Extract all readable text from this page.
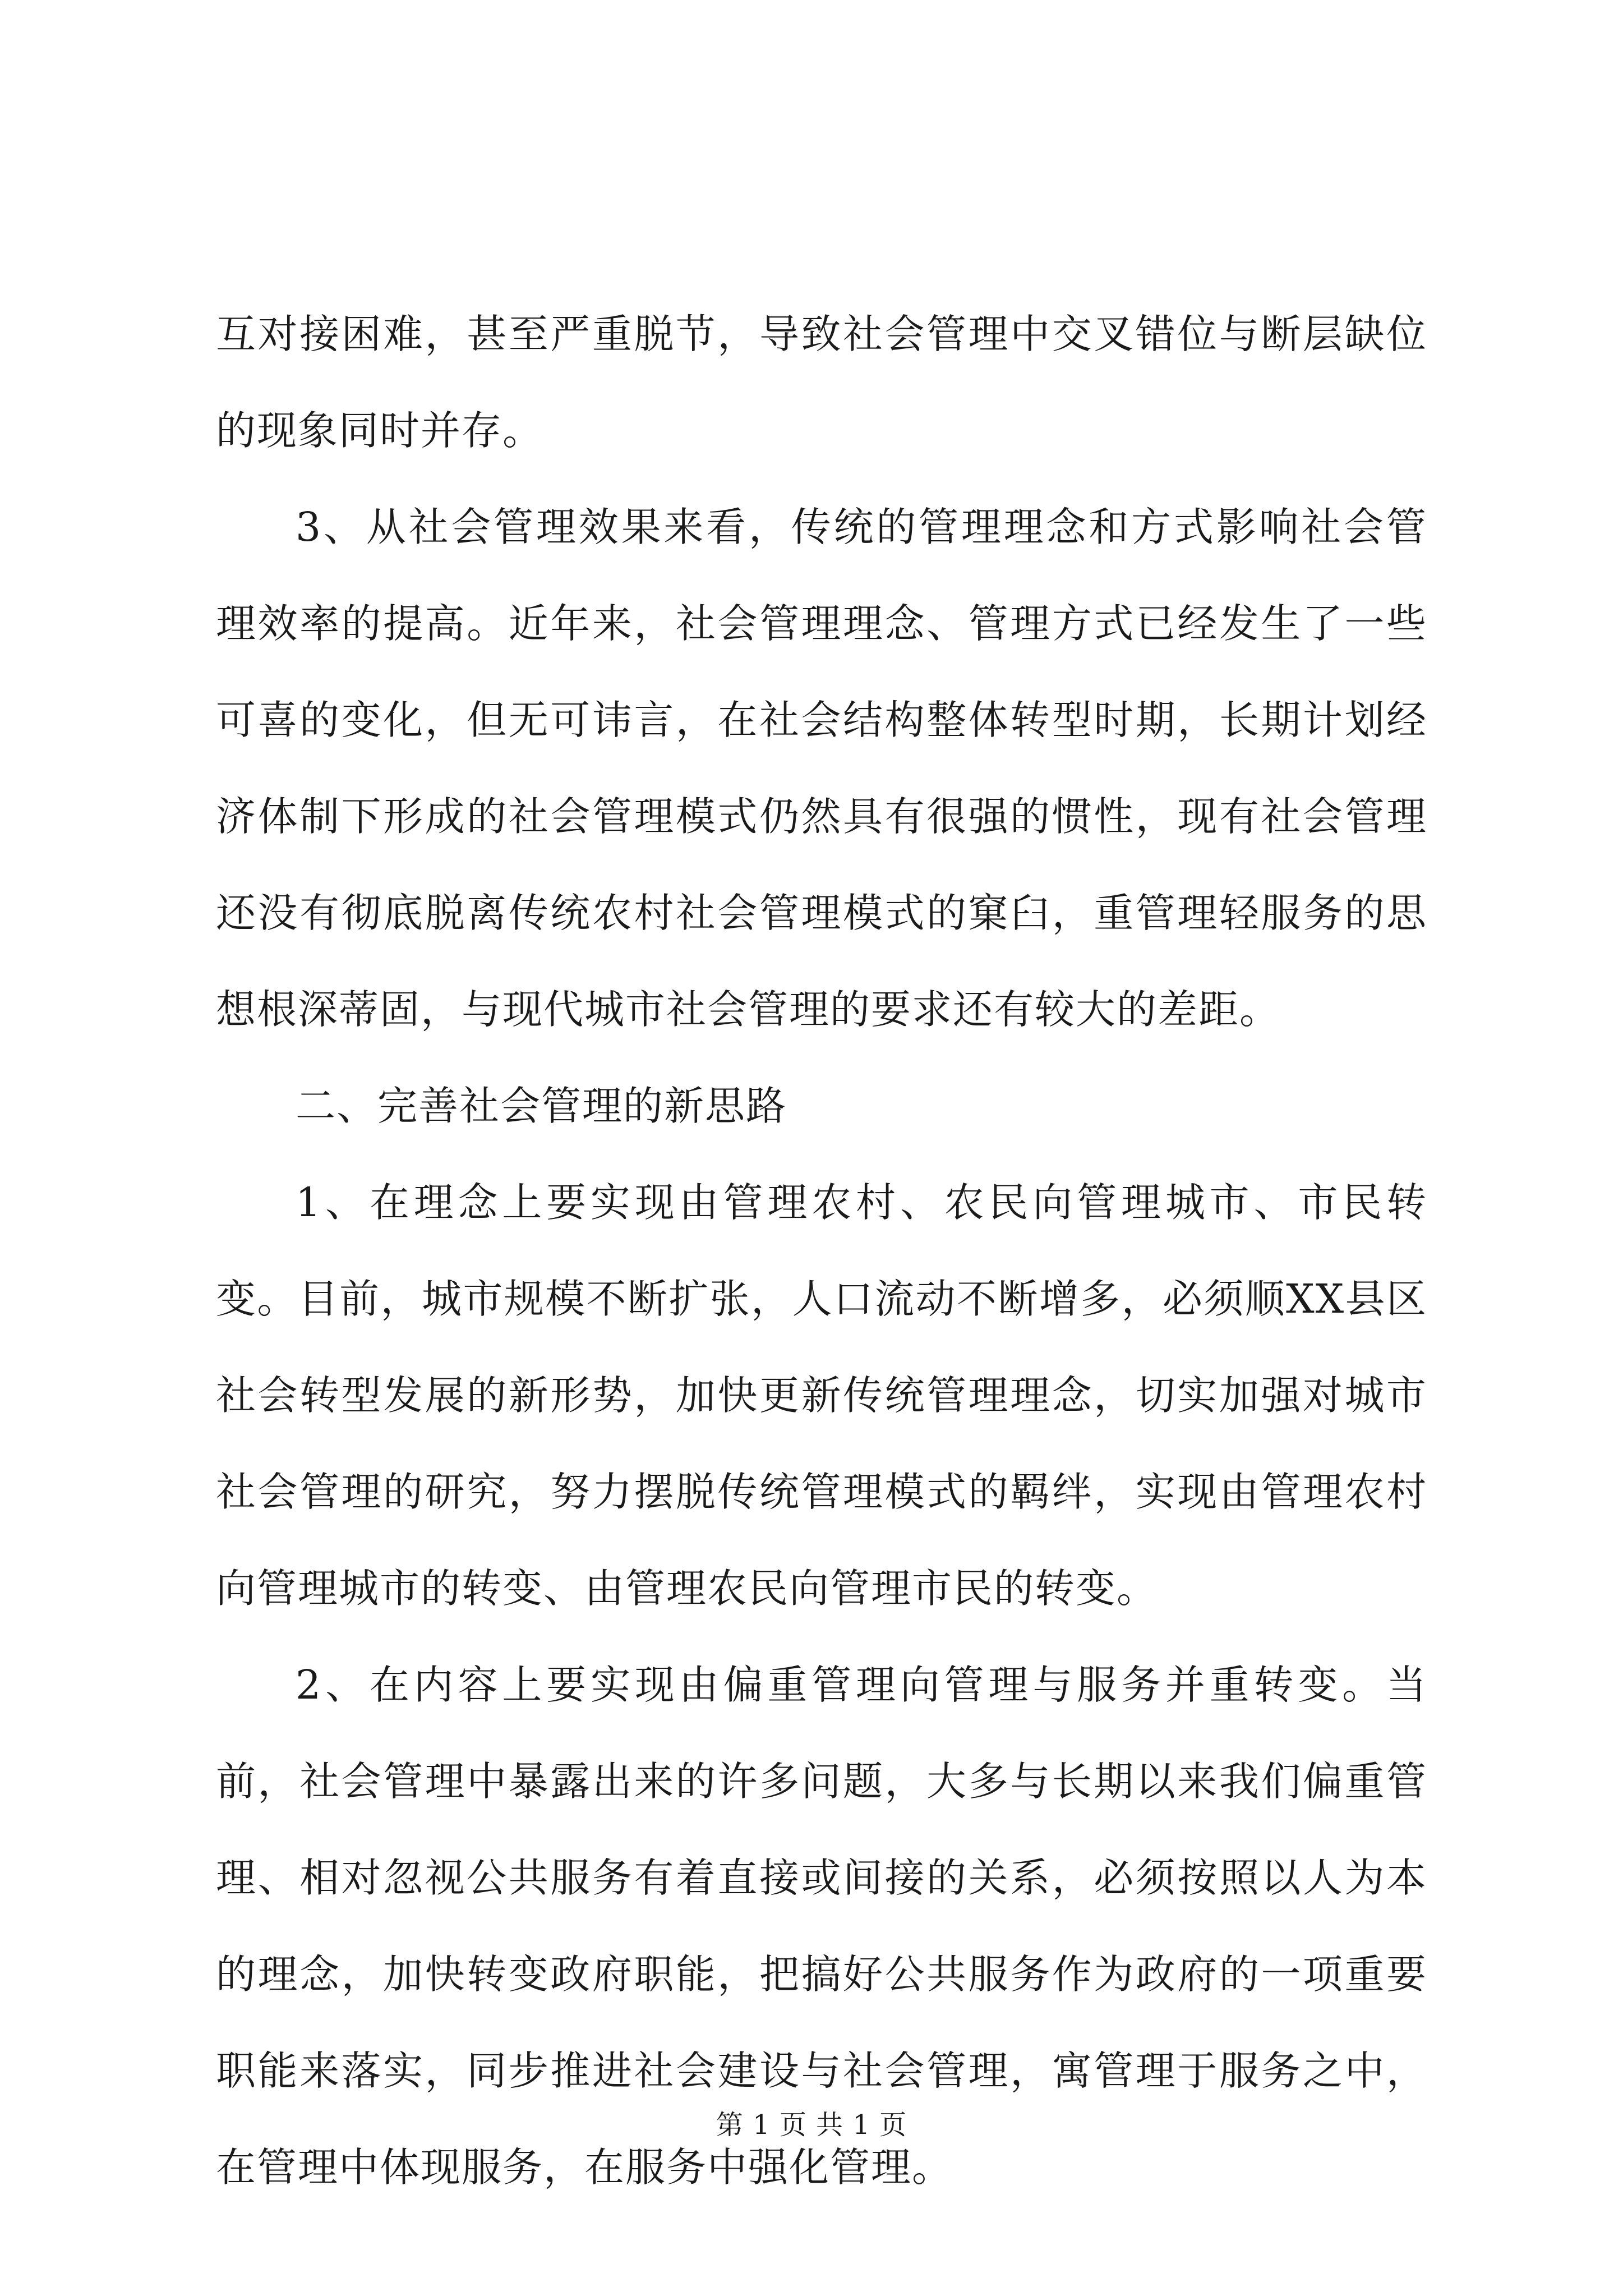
互对接困难，甚至严重脱节，导致社会管理中交叉错位与断层缺位的现象同时并存。

3、从社会管理效果来看，传统的管理理念和方式影响社会管理效率的提高。近年来，社会管理理念、管理方式已经发生了一些可喜的变化，但无可讳言，在社会结构整体转型时期，长期计划经济体制下形成的社会管理模式仍然具有很强的惯性，现有社会管理还没有彻底脱离传统农村社会管理模式的窠臼，重管理轻服务的思想根深蒂固，与现代城市社会管理的要求还有较大的差距。

二、完善社会管理的新思路

1、在理念上要实现由管理农村、农民向管理城市、市民转变。目前，城市规模不断扩张，人口流动不断增多，必须顺XX县区社会转型发展的新形势，加快更新传统管理理念，切实加强对城市社会管理的研究，努力摆脱传统管理模式的羁绊，实现由管理农村向管理城市的转变、由管理农民向管理市民的转变。

2、在内容上要实现由偏重管理向管理与服务并重转变。当前，社会管理中暴露出来的许多问题，大多与长期以来我们偏重管理、相对忽视公共服务有着直接或间接的关系，必须按照以人为本的理念，加快转变政府职能，把搞好公共服务作为政府的一项重要职能来落实，同步推进社会建设与社会管理，寓管理于服务之中，在管理中体现服务，在服务中强化管理。

第 1 页 共 1 页
